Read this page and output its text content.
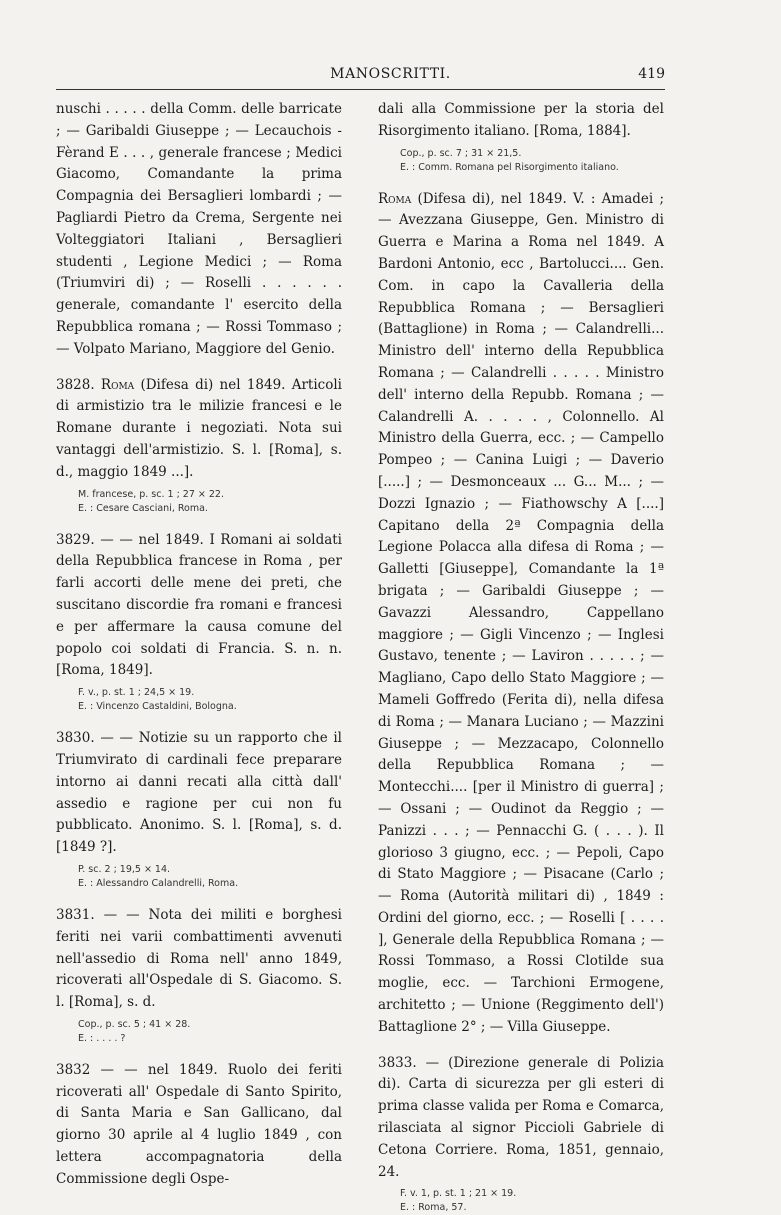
MANOSCRITTI.	419

nuschi . . . . . della Comm. delle barricate ; — Garibaldi Giuseppe ; — Lecauchois - Fèrand E . . . , generale francese ; Medici Giacomo, Comandante la prima Compagnia dei Bersaglieri lombardi ; — Pagliardi Pietro da Crema, Sergente nei Volteggiatori Italiani , Bersaglieri studenti , Legione Medici ; — Roma (Triumviri di) ; — Roselli . . . . . . generale, comandante l' esercito della Repubblica romana ; — Rossi Tommaso ; — Volpato Mariano, Maggiore del Genio.

3828. Roma (Difesa di) nel 1849. Articoli di armistizio tra le milizie francesi e le Romane durante i negoziati. Nota sui vantaggi dell'armistizio. S. l. [Roma], s. d., maggio 1849 ...].

M. francese, p. sc. 1 ; 27 × 22.
E. : Cesare Casciani, Roma.

3829. — — nel 1849. I Romani ai soldati della Repubblica francese in Roma , per farli accorti delle mene dei preti, che suscitano discordie fra romani e francesi e per affermare la causa comune del popolo coi soldati di Francia. S. n. n. [Roma, 1849].

F. v., p. st. 1 ; 24,5 × 19.
E. : Vincenzo Castaldini, Bologna.

3830. — — Notizie su un rapporto che il Triumvirato di cardinali fece preparare intorno ai danni recati alla città dall' assedio e ragione per cui non fu pubblicato. Anonimo. S. l. [Roma], s. d. [1849 ?].

P. sc. 2 ; 19,5 × 14.
E. : Alessandro Calandrelli, Roma.

3831. — — Nota dei militi e borghesi feriti nei varii combattimenti avvenuti nell'assedio di Roma nell' anno 1849, ricoverati all'Ospedale di S. Giacomo. S. l. [Roma], s. d.

Cop., p. sc. 5 ; 41 × 28.
E. : . . . . ?

3832 — — nel 1849. Ruolo dei feriti ricoverati all' Ospedale di Santo Spirito, di Santa Maria e San Gallicano, dal giorno 30 aprile al 4 luglio 1849 , con lettera accompagnatoria della Commissione degli Ospe-

dali alla Commissione per la storia del Risorgimento italiano. [Roma, 1884].

Cop., p. sc. 7 ; 31 × 21,5.
E. : Comm. Romana pel Risorgimento italiano.

Roma (Difesa di), nel 1849. V. : Amadei ; — Avezzana Giuseppe, Gen. Ministro di Guerra e Marina a Roma nel 1849. A Bardoni Antonio, ecc , Bartolucci.... Gen. Com. in capo la Cavalleria della Repubblica Romana ; — Bersaglieri (Battaglione) in Roma ; — Calandrelli... Ministro dell' interno della Repubblica Romana ; — Calandrelli . . . . . Ministro dell' interno della Repubb. Romana ; — Calandrelli A. . . . . , Colonnello. Al Ministro della Guerra, ecc. ; — Campello Pompeo ; — Canina Luigi ; — Daverio [.....] ; — Desmonceaux ... G... M... ; — Dozzi Ignazio ; — Fiathowschy A [....] Capitano della 2ª Compagnia della Legione Polacca alla difesa di Roma ; — Galletti [Giuseppe], Comandante la 1ª brigata ; — Garibaldi Giuseppe ; — Gavazzi Alessandro, Cappellano maggiore ; — Gigli Vincenzo ; — Inglesi Gustavo, tenente ; — Laviron . . . . . ; — Magliano, Capo dello Stato Maggiore ; — Mameli Goffredo (Ferita di), nella difesa di Roma ; — Manara Luciano ; — Mazzini Giuseppe ; — Mezzacapo, Colonnello della Repubblica Romana ; — Montecchi.... [per il Ministro di guerra] ; — Ossani ; — Oudinot da Reggio ; — Panizzi . . . ; — Pennacchi G. ( . . . ). Il glorioso 3 giugno, ecc. ; — Pepoli, Capo di Stato Maggiore ; — Pisacane (Carlo ; — Roma (Autorità militari di) , 1849 : Ordini del giorno, ecc. ; — Roselli [ . . . . ], Generale della Repubblica Romana ; — Rossi Tommaso, a Rossi Clotilde sua moglie, ecc. — Tarchioni Ermogene, architetto ; — Unione (Reggimento dell') Battaglione 2° ; — Villa Giuseppe.

3833. — (Direzione generale di Polizia di). Carta di sicurezza per gli esteri di prima classe valida per Roma e Comarca, rilasciata al signor Piccioli Gabriele di Cetona Corriere. Roma, 1851, gennaio, 24.

F. v. 1, p. st. 1 ; 21 × 19.
E. : Roma, 57.
